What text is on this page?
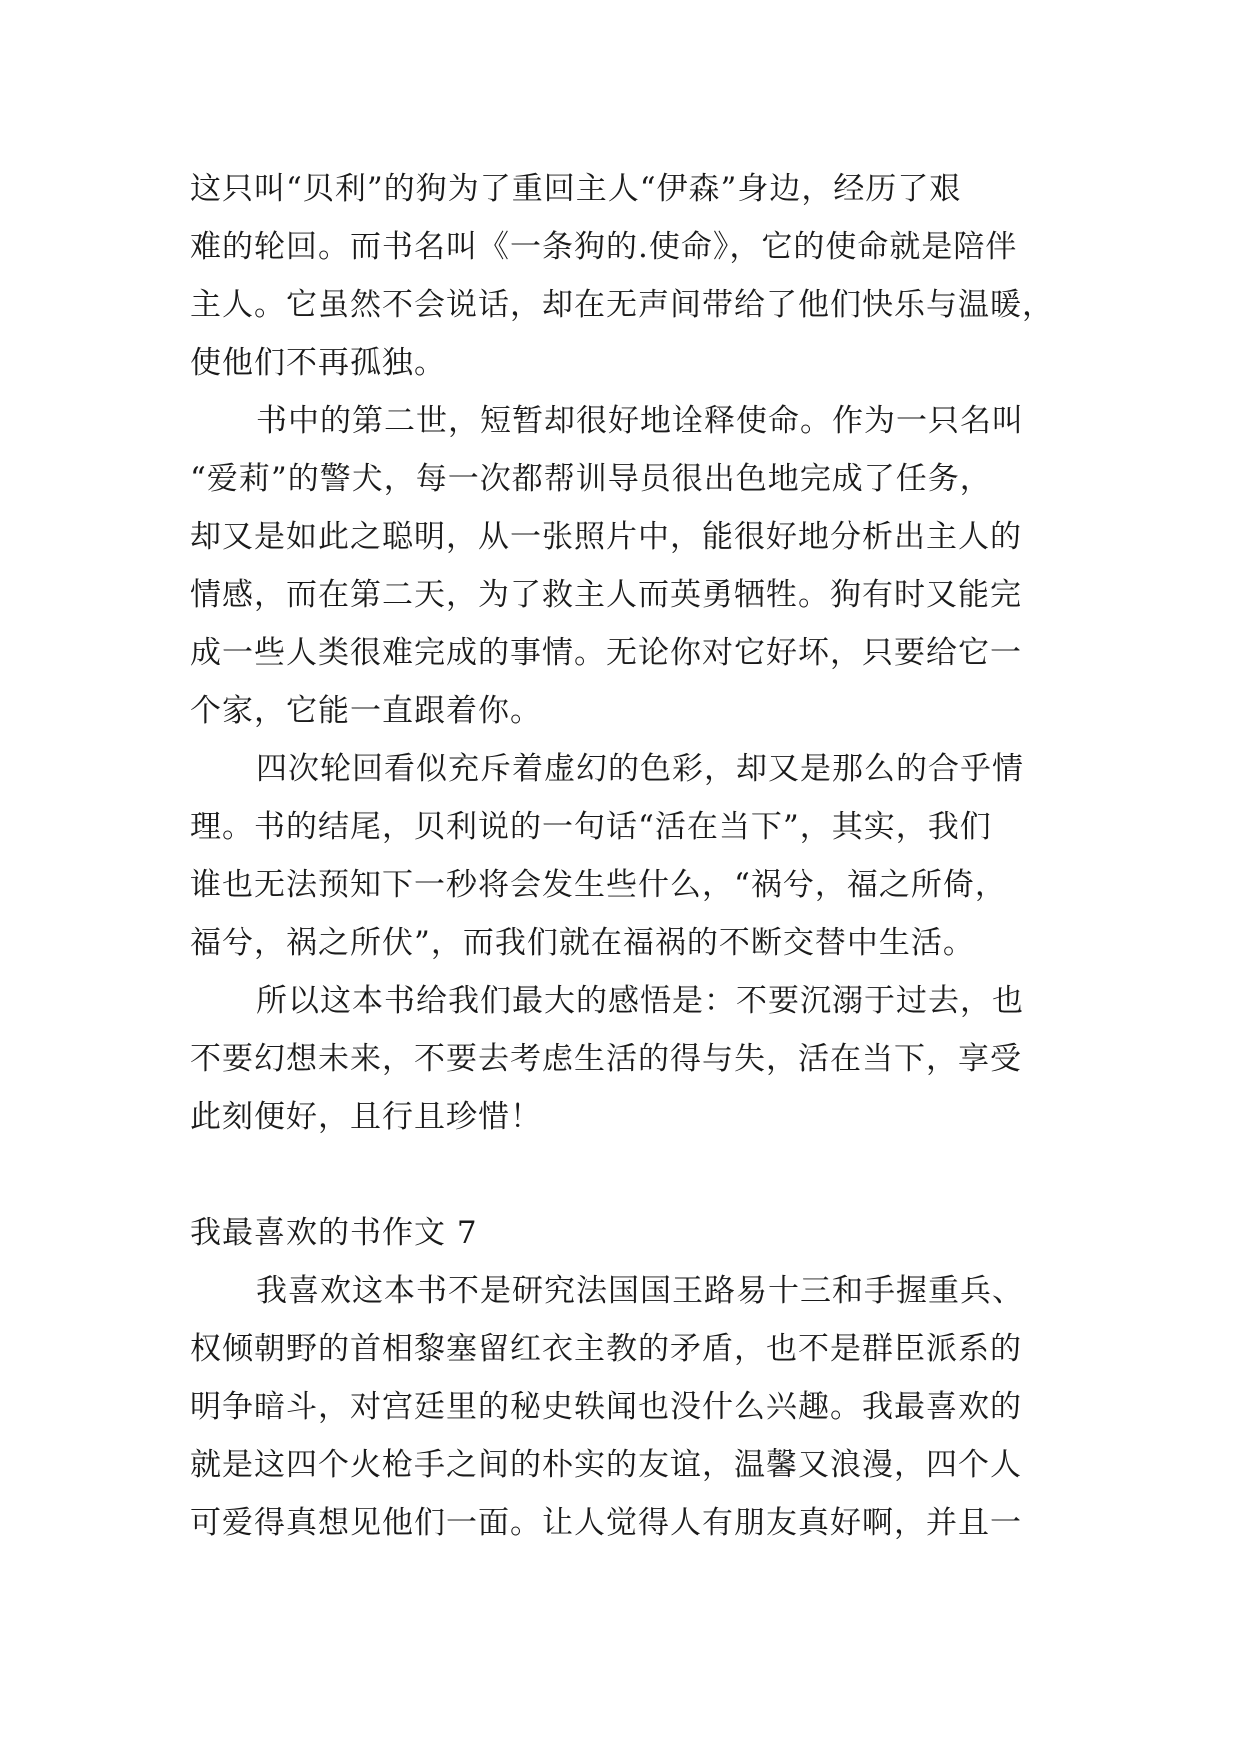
这只叫“贝利”的狗为了重回主人“伊森”身边，经历了艰
难的轮回。而书名叫《一条狗的.使命》，它的使命就是陪伴
主人。它虽然不会说话，却在无声间带给了他们快乐与温暖，
使他们不再孤独。
书中的第二世，短暂却很好地诠释使命。作为一只名叫
“爱莉”的警犬，每一次都帮训导员很出色地完成了任务，
却又是如此之聪明，从一张照片中，能很好地分析出主人的
情感，而在第二天，为了救主人而英勇牺牲。狗有时又能完
成一些人类很难完成的事情。无论你对它好坏，只要给它一
个家，它能一直跟着你。
四次轮回看似充斥着虚幻的色彩，却又是那么的合乎情
理。书的结尾，贝利说的一句话“活在当下”，其实，我们
谁也无法预知下一秒将会发生些什么，“祸兮，福之所倚，
福兮，祸之所伏”，而我们就在福祸的不断交替中生活。
所以这本书给我们最大的感悟是：不要沉溺于过去，也
不要幻想未来，不要去考虑生活的得与失，活在当下，享受
此刻便好，且行且珍惜！
我最喜欢的书作文 7
我喜欢这本书不是研究法国国王路易十三和手握重兵、
权倾朝野的首相黎塞留红衣主教的矛盾，也不是群臣派系的
明争暗斗，对宫廷里的秘史轶闻也没什么兴趣。我最喜欢的
就是这四个火枪手之间的朴实的友谊，温馨又浪漫，四个人
可爱得真想见他们一面。让人觉得人有朋友真好啊，并且一
